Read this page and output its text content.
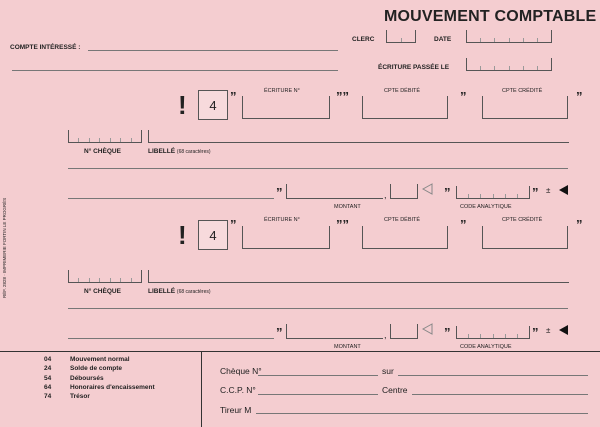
RÉF. 2828 · IMPRIMERIE FORTIN LE PROGRÈS
MOUVEMENT COMPTABLE
COMPTE INTÉRESSÉ :
CLERC	DATE
ÉCRITURE PASSÉE LE
!	4
”	ÉCRITURE N°	””	CPTE DÉBITÉ	”	CPTE CRÉDITÉ	”
N° CHÈQUE	LIBELLÉ (68 caractères)
”	,
MONTANT
”
CODE ANALYTIQUE
” ±
!	4
”	ÉCRITURE N°	””	CPTE DÉBITÉ	”	CPTE CRÉDITÉ	”
N° CHÈQUE	LIBELLÉ (68 caractères)
”	,
MONTANT
”
CODE ANALYTIQUE
” ±
04	Mouvement normal
24	Solde de compte
54	Déboursés
64	Honoraires d'encaissement
74	Trésor
Chèque N°	sur
C.C.P. N°	Centre
Tireur M
